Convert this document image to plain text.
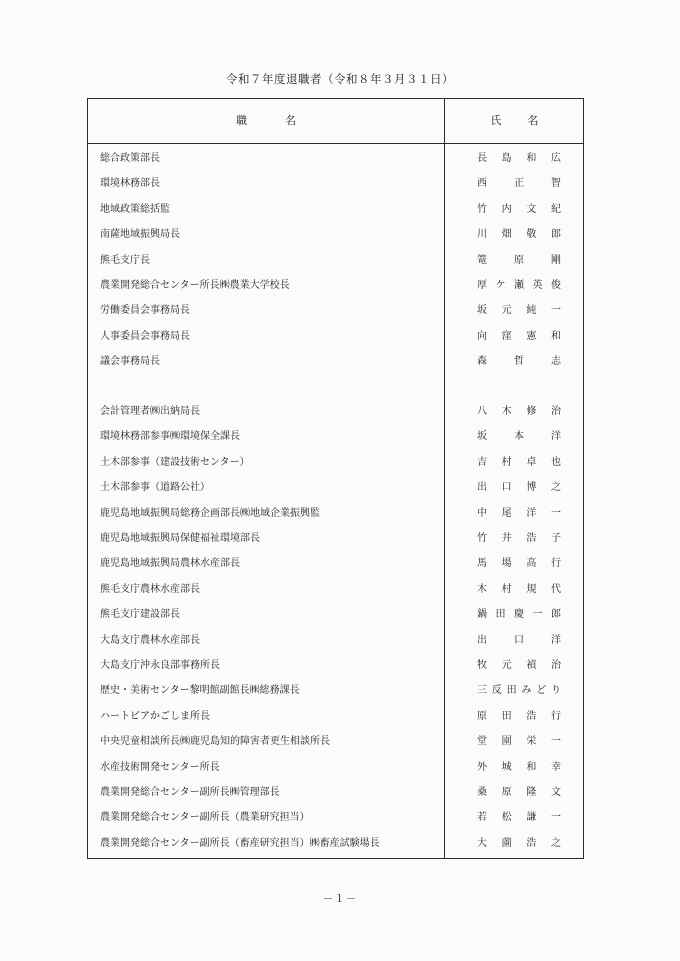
令和７年度退職者（令和８年３月３１日）
職名	氏名
総合政策部長	長島和広
環境林務部長	西正智
地域政策総括監	竹内文紀
南薩地域振興局長	川畑敬郎
熊毛支庁長	篭原剛
農業開発総合センター所長㈱農業大学校長	厚ケ瀬英俊
労働委員会事務局長	坂元純一
人事委員会事務局長	向窪憲和
議会事務局長	森哲志
会計管理者㈱出納局長	八木修治
環境林務部参事㈱環境保全課長	坂本洋
土木部参事（建設技術センター）	吉村卓也
土木部参事（道路公社）	出口博之
鹿児島地域振興局総務企画部長㈱地域企業振興監	中尾洋一
鹿児島地域振興局保健福祉環境部長	竹井浩子
鹿児島地域振興局農林水産部長	馬場高行
熊毛支庁農林水産部長	木村規代
熊毛支庁建設部長	鍋田慶一郎
大島支庁農林水産部長	出口洋
大島支庁沖永良部事務所長	牧元禎治
歴史・美術センター黎明館副館長㈱総務課長	三反田みどり
ハートピアかごしま所長	原田浩行
中央児童相談所長㈱鹿児島知的障害者更生相談所長	堂園栄一
水産技術開発センター所長	外城和幸
農業開発総合センター副所長㈱管理部長	桑原隆文
農業開発総合センター副所長（農業研究担当）	若松謙一
農業開発総合センター副所長（畜産研究担当）㈱畜産試験場長	大薗浩之
－１－
